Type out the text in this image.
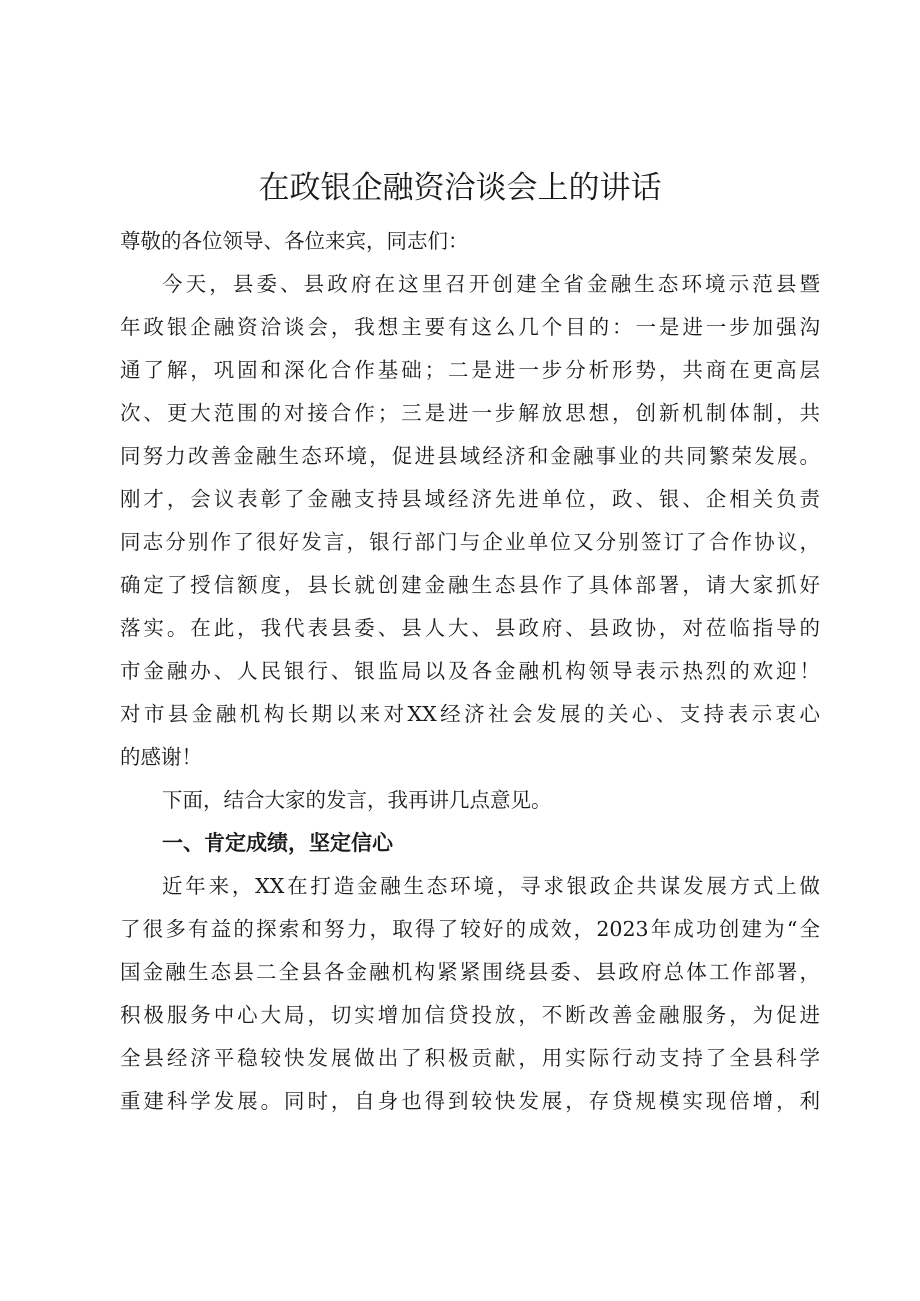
在政银企融资洽谈会上的讲话

尊敬的各位领导、各位来宾，同志们：

今天，县委、县政府在这里召开创建全省金融生态环境示范县暨

年政银企融资洽谈会，我想主要有这么几个目的：一是进一步加强沟

通了解，巩固和深化合作基础；二是进一步分析形势，共商在更高层

次、更大范围的对接合作；三是进一步解放思想，创新机制体制，共

同努力改善金融生态环境，促进县域经济和金融事业的共同繁荣发展。

刚才，会议表彰了金融支持县域经济先进单位，政、银、企相关负责

同志分别作了很好发言，银行部门与企业单位又分别签订了合作协议，

确定了授信额度，县长就创建金融生态县作了具体部署，请大家抓好

落实。在此，我代表县委、县人大、县政府、县政协，对莅临指导的

市金融办、人民银行、银监局以及各金融机构领导表示热烈的欢迎！

对市县金融机构长期以来对XX经济社会发展的关心、支持表示衷心

的感谢！

下面，结合大家的发言，我再讲几点意见。

一、肯定成绩，坚定信心

近年来，XX在打造金融生态环境，寻求银政企共谋发展方式上做

了很多有益的探索和努力，取得了较好的成效，2023年成功创建为“全

国金融生态县二全县各金融机构紧紧围绕县委、县政府总体工作部署，

积极服务中心大局，切实增加信贷投放，不断改善金融服务，为促进

全县经济平稳较快发展做出了积极贡献，用实际行动支持了全县科学

重建科学发展。同时，自身也得到较快发展，存贷规模实现倍增，利
